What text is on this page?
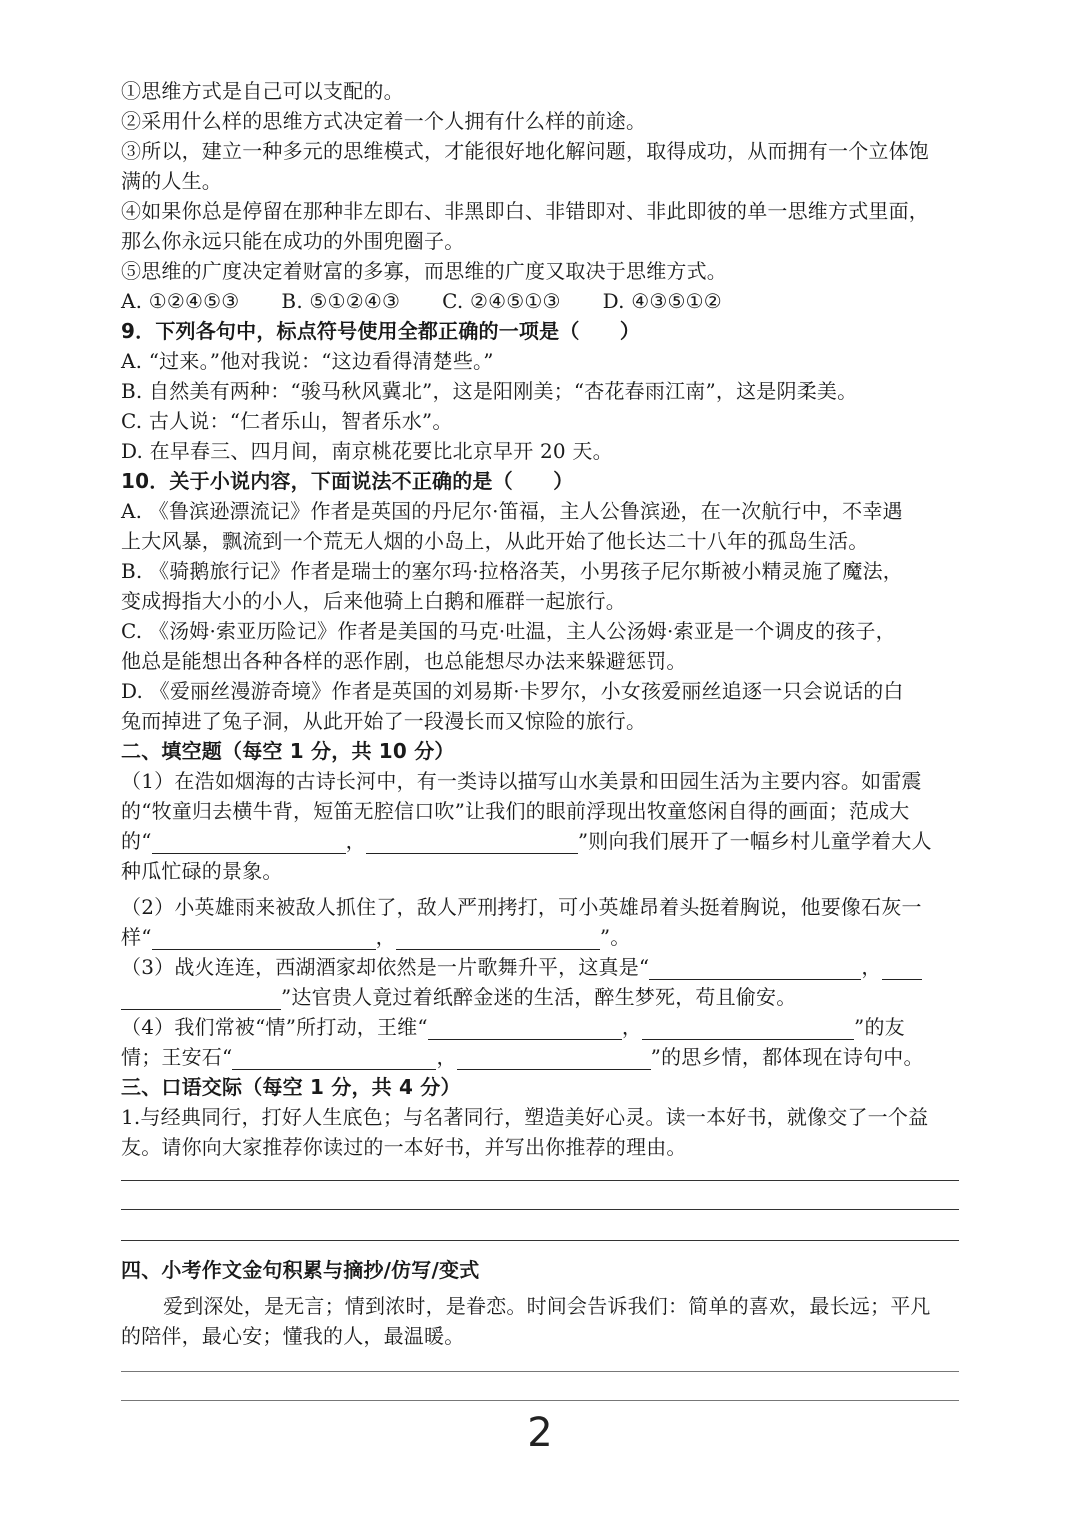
①思维方式是自己可以支配的。
②采用什么样的思维方式决定着一个人拥有什么样的前途。
③所以，建立一种多元的思维模式，才能很好地化解问题，取得成功，从而拥有一个立体饱
满的人生。
④如果你总是停留在那种非左即右、非黑即白、非错即对、非此即彼的单一思维方式里面，
那么你永远只能在成功的外围兜圈子。
⑤思维的广度决定着财富的多寡，而思维的广度又取决于思维方式。
A. ①②④⑤③ B. ⑤①②④③ C. ②④⑤①③ D. ④③⑤①②
9．下列各句中，标点符号使用全都正确的一项是（　　）
A. “过来。”他对我说：“这边看得清楚些。”
B. 自然美有两种：“骏马秋风冀北”，这是阳刚美；“杏花春雨江南”，这是阴柔美。
C. 古人说：“仁者乐山，智者乐水”。
D. 在早春三、四月间，南京桃花要比北京早开 20 天。
10．关于小说内容，下面说法不正确的是（　　）
A. 《鲁滨逊漂流记》作者是英国的丹尼尔·笛福，主人公鲁滨逊，在一次航行中，不幸遇
上大风暴，飘流到一个荒无人烟的小岛上，从此开始了他长达二十八年的孤岛生活。
B. 《骑鹅旅行记》作者是瑞士的塞尔玛·拉格洛芙，小男孩子尼尔斯被小精灵施了魔法，
变成拇指大小的小人，后来他骑上白鹅和雁群一起旅行。
C. 《汤姆·索亚历险记》作者是美国的马克·吐温，主人公汤姆·索亚是一个调皮的孩子，
他总是能想出各种各样的恶作剧，也总能想尽办法来躲避惩罚。
D. 《爱丽丝漫游奇境》作者是英国的刘易斯·卡罗尔，小女孩爱丽丝追逐一只会说话的白
兔而掉进了兔子洞，从此开始了一段漫长而又惊险的旅行。
二、填空题（每空 1 分，共 10 分）
（1）在浩如烟海的古诗长河中，有一类诗以描写山水美景和田园生活为主要内容。如雷震
的“牧童归去横牛背，短笛无腔信口吹”让我们的眼前浮现出牧童悠闲自得的画面；范成大
的“	，	”则向我们展开了一幅乡村儿童学着大人
种瓜忙碌的景象。
（2）小英雄雨来被敌人抓住了，敌人严刑拷打，可小英雄昂着头挺着胸说，他要像石灰一
样“	，	”。
（3）战火连连，西湖酒家却依然是一片歌舞升平，这真是“	，
”达官贵人竟过着纸醉金迷的生活，醉生梦死，苟且偷安。
（4）我们常被“情”所打动，王维“	，	”的友
情；王安石“	，	”的思乡情，都体现在诗句中。
三、口语交际（每空 1 分，共 4 分）
1.与经典同行，打好人生底色；与名著同行，塑造美好心灵。读一本好书，就像交了一个益
友。请你向大家推荐你读过的一本好书，并写出你推荐的理由。
四、小考作文金句积累与摘抄/仿写/变式
爱到深处，是无言；情到浓时，是眷恋。时间会告诉我们：简单的喜欢，最长远；平凡
的陪伴，最心安；懂我的人，最温暖。
2
